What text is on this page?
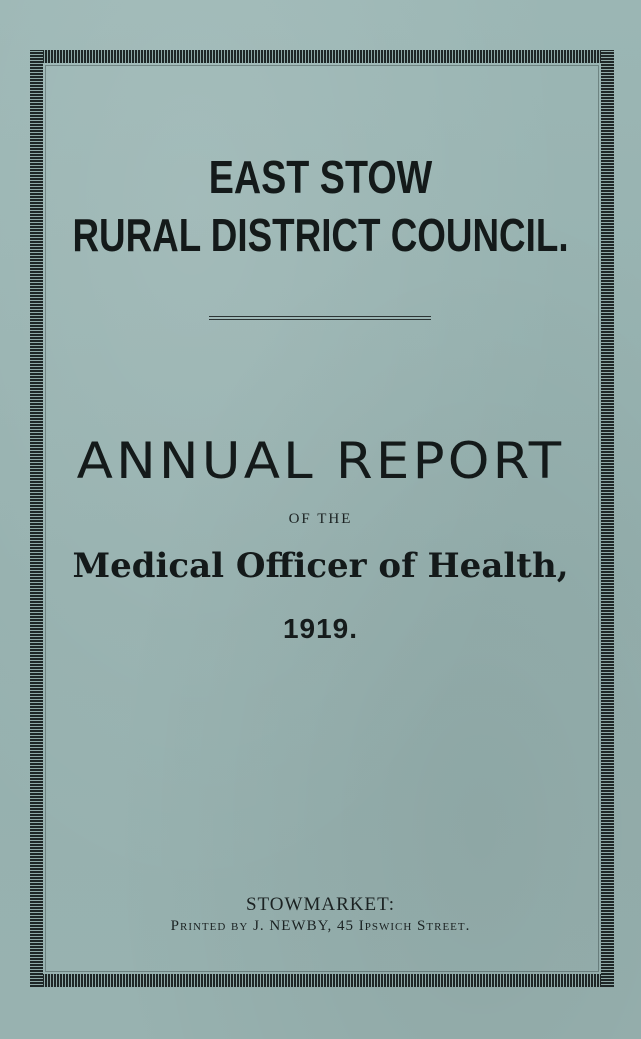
EAST STOW
RURAL DISTRICT COUNCIL.
ANNUAL REPORT
OF THE
Medical Officer of Health,
1919.
STOWMARKET:
Printed by J. NEWBY, 45 Ipswich Street.
